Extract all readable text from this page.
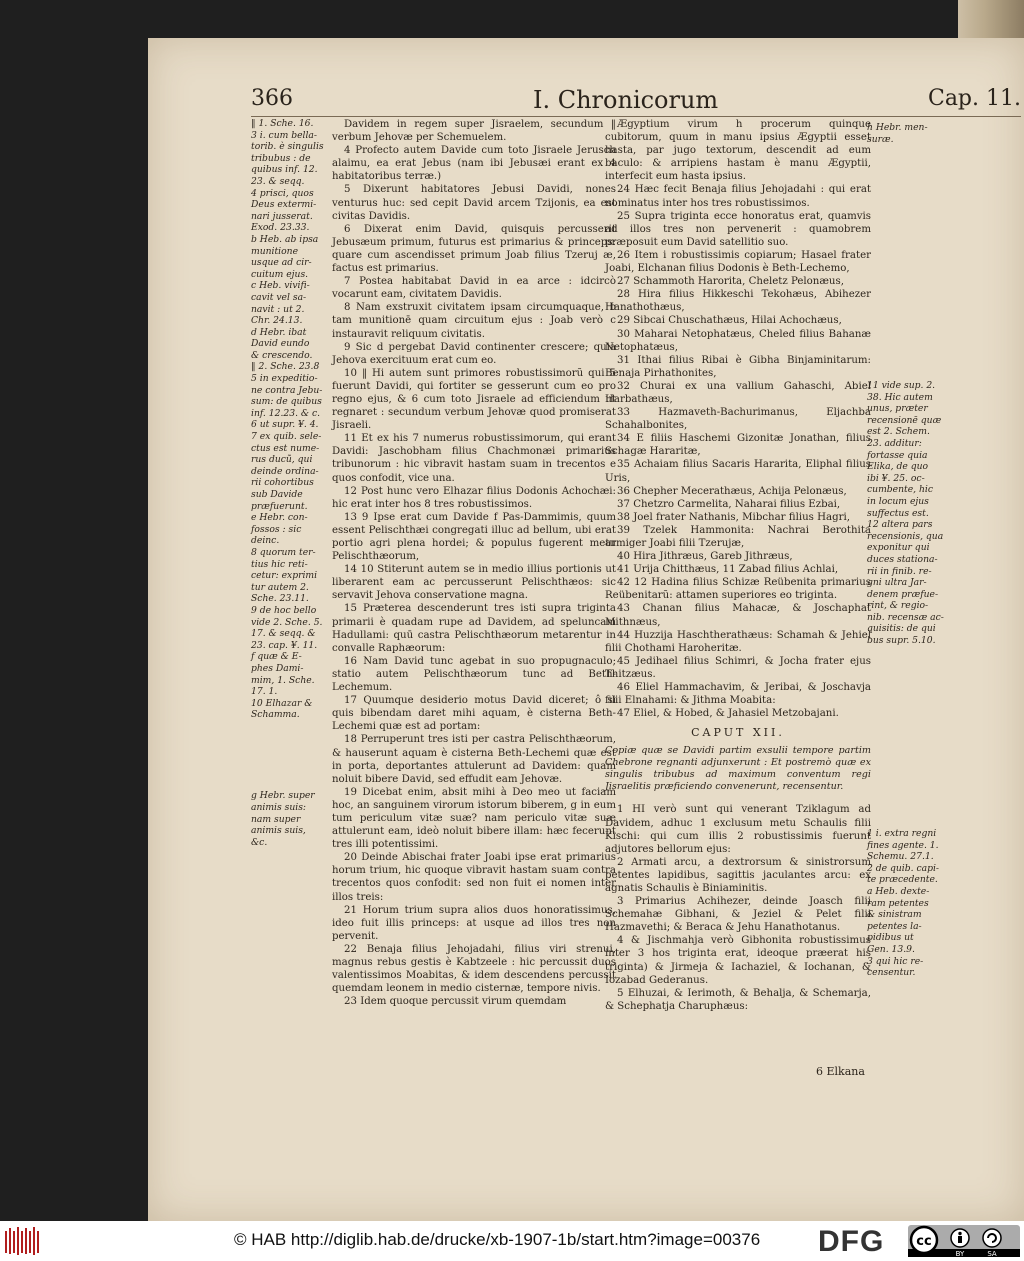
366	I. Chronicorum	Cap. 11.
‖ 1. Sche. 16.
3 i. cum bella-
torib. è singulis
tribubus : de
quibus inf. 12.
23. & seqq.
4 prisci, quos
Deus extermi-
nari jusserat.
Exod. 23.33.
b Heb. ab ipsa
munitione
usque ad cir-
cuitum ejus.
c Heb. vivifi-
cavit vel sa-
navit : ut 2.
Chr. 24.13.
d Hebr. ibat
David eundo
& crescendo.
‖ 2. Sche. 23.8
5 in expeditio-
ne contra Jebu-
sum: de quibus
inf. 12.23. & c.
6 ut supr. ¥. 4.
7 ex quib. sele-
ctus est nume-
rus ducũ, qui
deinde ordina-
rii cohortibus
sub Davide
præfuerunt.
e Hebr. con-
fossos : sic
deinc.
8 quorum ter-
tius hic reti-
cetur: exprimi
tur autem 2.
Sche. 23.11.
9 de hoc bello
vide 2. Sche. 5.
17. & seqq. &
23. cap. ¥. 11.
f quæ & E-
phes Dami-
mim, 1. Sche.
17. 1.
10 Elhazar &
Schamma.

g Hebr. super
animis suis:
nam super
animis suis,
&c.

Davidem in regem super Jisraelem, secundum ‖ verbum Jehovæ per Schemuelem.

4 Profecto autem Davide cum toto Jisraele Jerusch alaimu, ea erat Jebus (nam ibi Jebusæi erant ex 4 habitatoribus terræ.)

5 Dixerunt habitatores Jebusi Davidi, nones venturus huc: sed cepit David arcem Tzijonis, ea est civitas Davidis.

6 Dixerat enim David, quisquis percusserit Jebusæum primum, futurus est primarius & princeps: quare cum ascendisset primum Joab filius Tzeruj æ, factus est primarius.

7 Postea habitabat David in ea arce : idcircò vocarunt eam, civitatem Davidis.

8 Nam exstruxit civitatem ipsam circumquaque, b tam munitionē quam circuitum ejus : Joab verò c instauravit reliquum civitatis.

9 Sic d pergebat David continenter crescere; quia Jehova exercituum erat cum eo.

10 ‖ Hi autem sunt primores robustissimorũ qui 5 fuerunt Davidi, qui fortiter se gesserunt cum eo pro regno ejus, & 6 cum toto Jisraele ad efficiendum ut regnaret : secundum verbum Jehovæ quod promiserat Jisraeli.

11 Et ex his 7 numerus robustissimorum, qui erant Davidi: Jaschobham filius Chachmonæi primarius tribunorum : hic vibravit hastam suam in trecentos e quos confodit, vice una.

12 Post hunc vero Elhazar filius Dodonis Achochæi: hic erat inter hos 8 tres robustissimos.

13 9 Ipse erat cum Davide f Pas-Dammimis, quum essent Pelischthæi congregati illuc ad bellum, ubi erat portio agri plena hordei; & populus fugerent metu Pelischthæorum,

14 10 Stiterunt autem se in medio illius portionis ut liberarent eam ac percusserunt Pelischthæos: sic servavit Jehova conservatione magna.

15 Præterea descenderunt tres isti supra triginta primarii è quadam rupe ad Davidem, ad speluncam Hadullami: quū castra Pelischthæorum metarentur in convalle Raphæorum:

16 Nam David tunc agebat in suo propugnaculo; statio autem Pelischthæorum tunc ad Beth-Lechemum.

17 Quumque desiderio motus David diceret; ô si quis bibendam daret mihi aquam, è cisterna Beth-Lechemi quæ est ad portam:

18 Perruperunt tres isti per castra Pelischthæorum, & hauserunt aquam è cisterna Beth-Lechemi quæ est in porta, deportantes attulerunt ad Davidem: quam noluit bibere David, sed effudit eam Jehovæ.

19 Dicebat enim, absit mihi à Deo meo ut faciam hoc, an sanguinem virorum istorum biberem, g in eum tum periculum vitæ suæ? nam periculo vitæ suæ attulerunt eam, ideò noluit bibere illam: hæc fecerunt tres illi potentissimi.

20 Deinde Abischai frater Joabi ipse erat primarius horum trium, hic quoque vibravit hastam suam contra trecentos quos confodit: sed non fuit ei nomen inter illos treis:

21 Horum trium supra alios duos honoratissimus, ideo fuit illis princeps: at usque ad illos tres non pervenit.

22 Benaja filius Jehojadahi, filius viri strenui, magnus rebus gestis è Kabtzeele : hic percussit duos valentissimos Moabitas, & idem descendens percussit quemdam leonem in medio cisternæ, tempore nivis.

23 Idem quoque percussit virum quemdam

Ægyptium virum h procerum quinque cubitorum, quum in manu ipsius Ægyptii esset hasta, par jugo textorum, descendit ad eum baculo: & arripiens hastam è manu Ægyptii, interfecit eum hasta ipsius.

24 Hæc fecit Benaja filius Jehojadahi : qui erat nominatus inter hos tres robustissimos.

25 Supra triginta ecce honoratus erat, quamvis ad illos tres non pervenerit : quamobrem præposuit eum David satellitio suo.

26 Item i robustissimis copiarum; Hasael frater Joabi, Elchanan filius Dodonis è Beth-Lechemo,

27 Schammoth Harorita, Cheletz Pelonæus,

28 Hira filius Hikkeschi Tekohæus, Abihezer Hanathothæus,

29 Sibcai Chuschathæus, Hilai Achochæus,

30 Maharai Netophatæus, Cheled filius Bahanæ Netophatæus,

31 Ithai filius Ribai è Gibha Binjaminitarum: Benaja Pirhathonites,

32 Churai ex una vallium Gahaschi, Abiel Harbathæus,

33 Hazmaveth-Bachurimanus, Eljachba Schahalbonites,

34 E filiis Haschemi Gizonitæ Jonathan, filius Schagæ Hararitæ,

35 Achaiam filius Sacaris Hararita, Eliphal filius Uris,

36 Chepher Mecerathæus, Achija Pelonæus,

37 Chetzro Carmelita, Naharai filius Ezbai,

38 Joel frater Nathanis, Mibchar filius Hagri,

39 Tzelek Hammonita: Nachrai Berothita armiger Joabi filii Tzerujæ,

40 Hira Jithræus, Gareb Jithræus,

41 Urija Chitthæus, 11 Zabad filius Achlai,

42 12 Hadina filius Schizæ Reübenita primarius Reübenitarũ: attamen superiores eo triginta.

43 Chanan filius Mahacæ, & Joschaphat Mithnæus,

44 Huzzija Haschtherathæus: Schamah & Jehiel filii Chothami Haroheritæ.

45 Jedihael filius Schimri, & Jocha frater ejus Thitzæus.

46 Eliel Hammachavim, & Jeribai, & Joschavja filii Elnahami: & Jithma Moabita:

47 Eliel, & Hobed, & Jahasiel Metzobajani.

CAPUT XII.

Copiæ quæ se Davidi partim exsulii tempore partim Chebrone regnanti adjunxerunt : Et postremò quæ ex singulis tribubus ad maximum conventum regi Jisraelitis præficiendo convenerunt, recensentur.

1 HI verò sunt qui venerant Tziklagum ad Davidem, adhuc 1 exclusum metu Schaulis filii Kischi: qui cum illis 2 robustissimis fuerunt adjutores bellorum ejus:

2 Armati arcu, a dextrorsum & sinistrorsum petentes lapidibus, sagittis jaculantes arcu: ex agnatis Schaulis è Biniaminitis.

3 Primarius Achihezer, deinde Joasch filii Schemahæ Gibhani, & Jeziel & Pelet filii Hazmavethi; & Beraca & Jehu Hanathotanus.

4 & Jischmahja verò Gibhonita robustissimus inter 3 hos triginta erat, ideoque præerat his triginta) & Jirmeja & Iachaziel, & Iochanan, & Iozabad Gederanus.

5 Elhuzai, & Ierimoth, & Behalja, & Schemarja, & Schephatja Charuphæus:

h Hebr. men-
suræ.
11 vide sup. 2.
38. Hic autem
unus, præter
recensionē quæ
est 2. Schem.
23. additur:
fortasse quia
Elika, de quo
ibi ¥. 25. oc-
cumbente, hic
in locum ejus
suffectus est.
12 altera pars
recensionis, qua
exponitur qui
duces stationa-
rii in finib. re-
gni ultra Jar-
denem præfue-
rint, & regio-
nib. recensæ ac-
quisitis: de qui
bus supr. 5.10.
1 i. extra regni
fines agente. 1.
Schemu. 27.1.
2 de quib. capi-
te præcedente.
a Heb. dexte-
ram petentes
& sinistram
petentes la-
pidibus ut
Gen. 13.9.
3 qui hic re-
censentur.
6 Elkana
© HAB http://diglib.hab.de/drucke/xb-1907-1b/start.htm?image=00376 DFG cc
BY	SA
